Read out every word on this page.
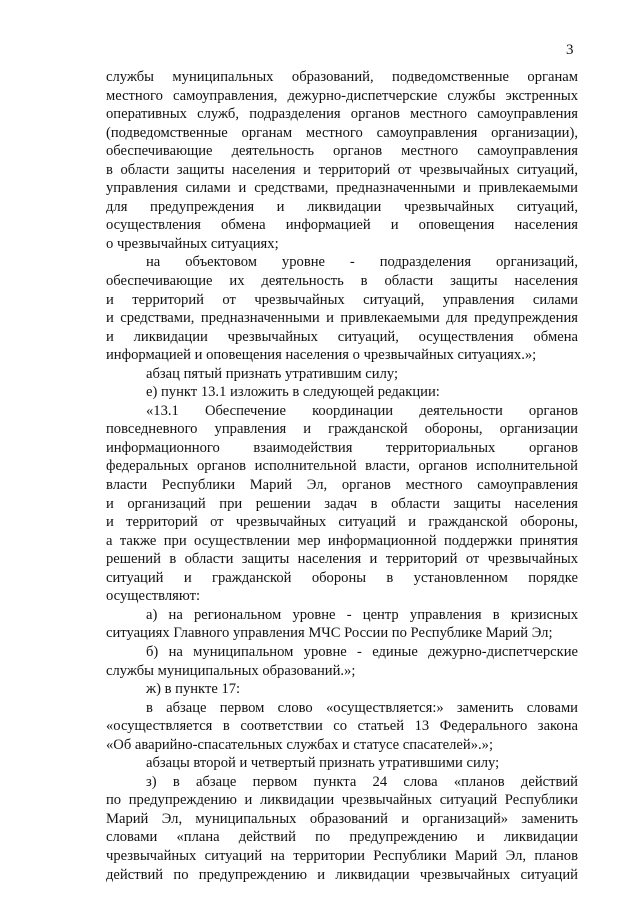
3
службы муниципальных образований, подведомственные органам
местного самоуправления, дежурно-диспетчерские службы экстренных
оперативных служб, подразделения органов местного самоуправления
(подведомственные органам местного самоуправления организации),
обеспечивающие деятельность органов местного самоуправления
в области защиты населения и территорий от чрезвычайных ситуаций,
управления силами и средствами, предназначенными и привлекаемыми
для предупреждения и ликвидации чрезвычайных ситуаций,
осуществления обмена информацией и оповещения населения
о чрезвычайных ситуациях;
на объектовом уровне - подразделения организаций,
обеспечивающие их деятельность в области защиты населения
и территорий от чрезвычайных ситуаций, управления силами
и средствами, предназначенными и привлекаемыми для предупреждения
и ликвидации чрезвычайных ситуаций, осуществления обмена
информацией и оповещения населения о чрезвычайных ситуациях.»;
абзац пятый признать утратившим силу;
е) пункт 13.1 изложить в следующей редакции:
«13.1 Обеспечение координации деятельности органов
повседневного управления и гражданской обороны, организации
информационного взаимодействия территориальных органов
федеральных органов исполнительной власти, органов исполнительной
власти Республики Марий Эл, органов местного самоуправления
и организаций при решении задач в области защиты населения
и территорий от чрезвычайных ситуаций и гражданской обороны,
а также при осуществлении мер информационной поддержки принятия
решений в области защиты населения и территорий от чрезвычайных
ситуаций и гражданской обороны в установленном порядке
осуществляют:
а) на региональном уровне - центр управления в кризисных
ситуациях Главного управления МЧС России по Республике Марий Эл;
б) на муниципальном уровне - единые дежурно-диспетчерские
службы муниципальных образований.»;
ж) в пункте 17:
в абзаце первом слово «осуществляется:» заменить словами
«осуществляется в соответствии со статьей 13 Федерального закона
«Об аварийно-спасательных службах и статусе спасателей».»;
абзацы второй и четвертый признать утратившими силу;
з) в абзаце первом пункта 24 слова «планов действий
по предупреждению и ликвидации чрезвычайных ситуаций Республики
Марий Эл, муниципальных образований и организаций» заменить
словами «плана действий по предупреждению и ликвидации
чрезвычайных ситуаций на территории Республики Марий Эл, планов
действий по предупреждению и ликвидации чрезвычайных ситуаций
